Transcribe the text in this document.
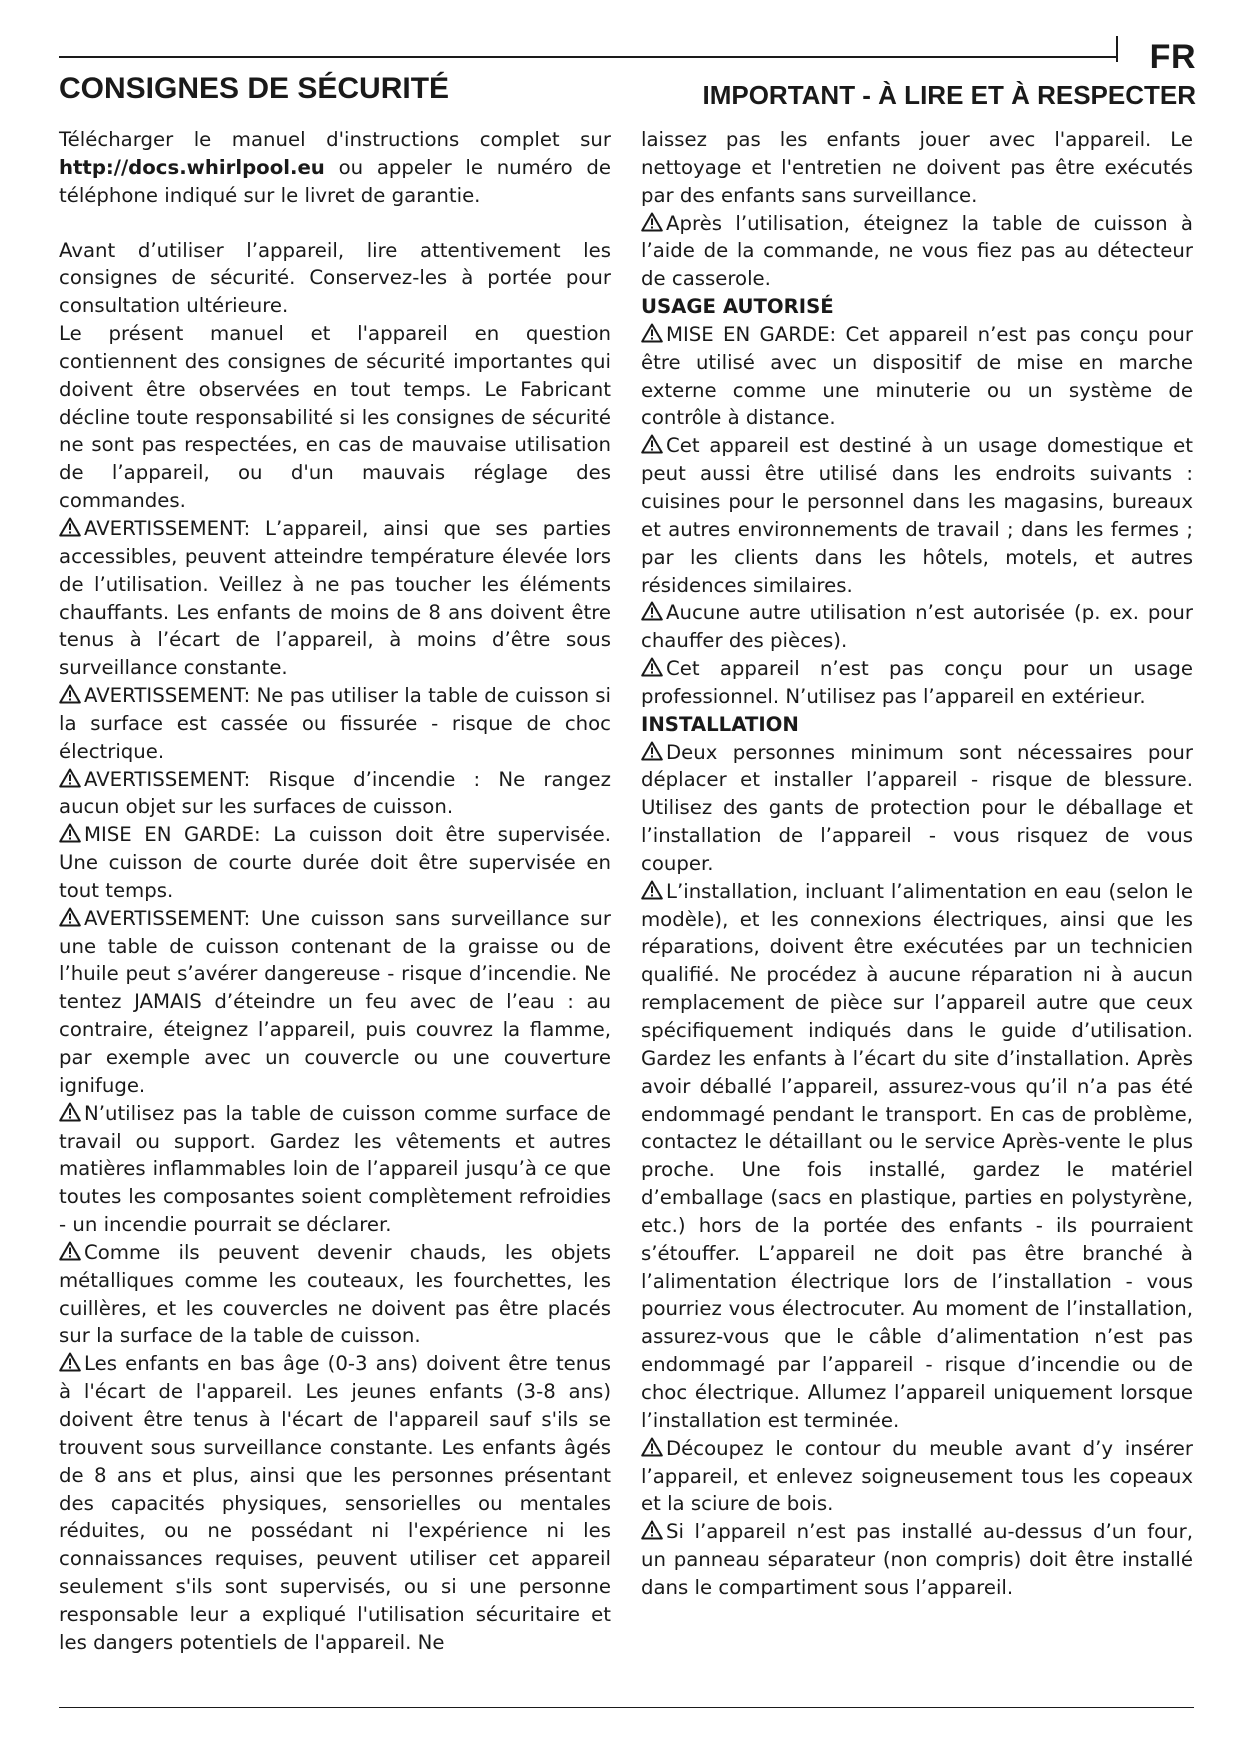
FR
CONSIGNES DE SÉCURITÉ	IMPORTANT - À LIRE ET À RESPECTER

Télécharger le manuel d'instructions complet sur http://docs.whirlpool.eu ou appeler le numéro de téléphone indiqué sur le livret de garantie.

Avant d’utiliser l’appareil, lire attentivement les consignes de sécurité. Conservez-les à portée pour consultation ultérieure.

Le présent manuel et l'appareil en question contiennent des consignes de sécurité importantes qui doivent être observées en tout temps. Le Fabricant décline toute responsabilité si les consignes de sécurité ne sont pas respectées, en cas de mauvaise utilisation de l’appareil, ou d'un mauvais réglage des commandes.

AVERTISSEMENT: L’appareil, ainsi que ses parties accessibles, peuvent atteindre température élevée lors de l’utilisation. Veillez à ne pas toucher les éléments chauffants. Les enfants de moins de 8 ans doivent être tenus à l’écart de l’appareil, à moins d’être sous surveillance constante.

AVERTISSEMENT: Ne pas utiliser la table de cuisson si la surface est cassée ou fissurée - risque de choc électrique.

AVERTISSEMENT: Risque d’incendie : Ne rangez aucun objet sur les surfaces de cuisson.

MISE EN GARDE: La cuisson doit être supervisée. Une cuisson de courte durée doit être supervisée en tout temps.

AVERTISSEMENT: Une cuisson sans surveillance sur une table de cuisson contenant de la graisse ou de l’huile peut s’avérer dangereuse - risque d’incendie. Ne tentez JAMAIS d’éteindre un feu avec de l’eau : au contraire, éteignez l’appareil, puis couvrez la flamme, par exemple avec un couvercle ou une couverture ignifuge.

N’utilisez pas la table de cuisson comme surface de travail ou support. Gardez les vêtements et autres matières inflammables loin de l’appareil jusqu’à ce que toutes les composantes soient complètement refroidies - un incendie pourrait se déclarer.

Comme ils peuvent devenir chauds, les objets métalliques comme les couteaux, les fourchettes, les cuillères, et les couvercles ne doivent pas être placés sur la surface de la table de cuisson.

Les enfants en bas âge (0-3 ans) doivent être tenus à l'écart de l'appareil. Les jeunes enfants (3-8 ans) doivent être tenus à l'écart de l'appareil sauf s'ils se trouvent sous surveillance constante. Les enfants âgés de 8 ans et plus, ainsi que les personnes présentant des capacités physiques, sensorielles ou mentales réduites, ou ne possédant ni l'expérience ni les connaissances requises, peuvent utiliser cet appareil seulement s'ils sont supervisés, ou si une personne responsable leur a expliqué l'utilisation sécuritaire et les dangers potentiels de l'appareil. Ne

laissez pas les enfants jouer avec l'appareil. Le nettoyage et l'entretien ne doivent pas être exécutés par des enfants sans surveillance.

Après l’utilisation, éteignez la table de cuisson à l’aide de la commande, ne vous fiez pas au détecteur de casserole.

USAGE AUTORISÉ

MISE EN GARDE: Cet appareil n’est pas conçu pour être utilisé avec un dispositif de mise en marche externe comme une minuterie ou un système de contrôle à distance.

Cet appareil est destiné à un usage domestique et peut aussi être utilisé dans les endroits suivants : cuisines pour le personnel dans les magasins, bureaux et autres environnements de travail ; dans les fermes ; par les clients dans les hôtels, motels, et autres résidences similaires.

Aucune autre utilisation n’est autorisée (p. ex. pour chauffer des pièces).

Cet appareil n’est pas conçu pour un usage professionnel. N’utilisez pas l’appareil en extérieur.

INSTALLATION

Deux personnes minimum sont nécessaires pour déplacer et installer l’appareil - risque de blessure. Utilisez des gants de protection pour le déballage et l’installation de l’appareil - vous risquez de vous couper.

L’installation, incluant l’alimentation en eau (selon le modèle), et les connexions électriques, ainsi que les réparations, doivent être exécutées par un technicien qualifié. Ne procédez à aucune réparation ni à aucun remplacement de pièce sur l’appareil autre que ceux spécifiquement indiqués dans le guide d’utilisation. Gardez les enfants à l’écart du site d’installation. Après avoir déballé l’appareil, assurez-vous qu’il n’a pas été endommagé pendant le transport. En cas de problème, contactez le détaillant ou le service Après-vente le plus proche. Une fois installé, gardez le matériel d’emballage (sacs en plastique, parties en polystyrène, etc.) hors de la portée des enfants - ils pourraient s’étouffer. L’appareil ne doit pas être branché à l’alimentation électrique lors de l’installation - vous pourriez vous électrocuter. Au moment de l’installation, assurez-vous que le câble d’alimentation n’est pas endommagé par l’appareil - risque d’incendie ou de choc électrique. Allumez l’appareil uniquement lorsque l’installation est terminée.

Découpez le contour du meuble avant d’y insérer l’appareil, et enlevez soigneusement tous les copeaux et la sciure de bois.

Si l’appareil n’est pas installé au-dessus d’un four, un panneau séparateur (non compris) doit être installé dans le compartiment sous l’appareil.
